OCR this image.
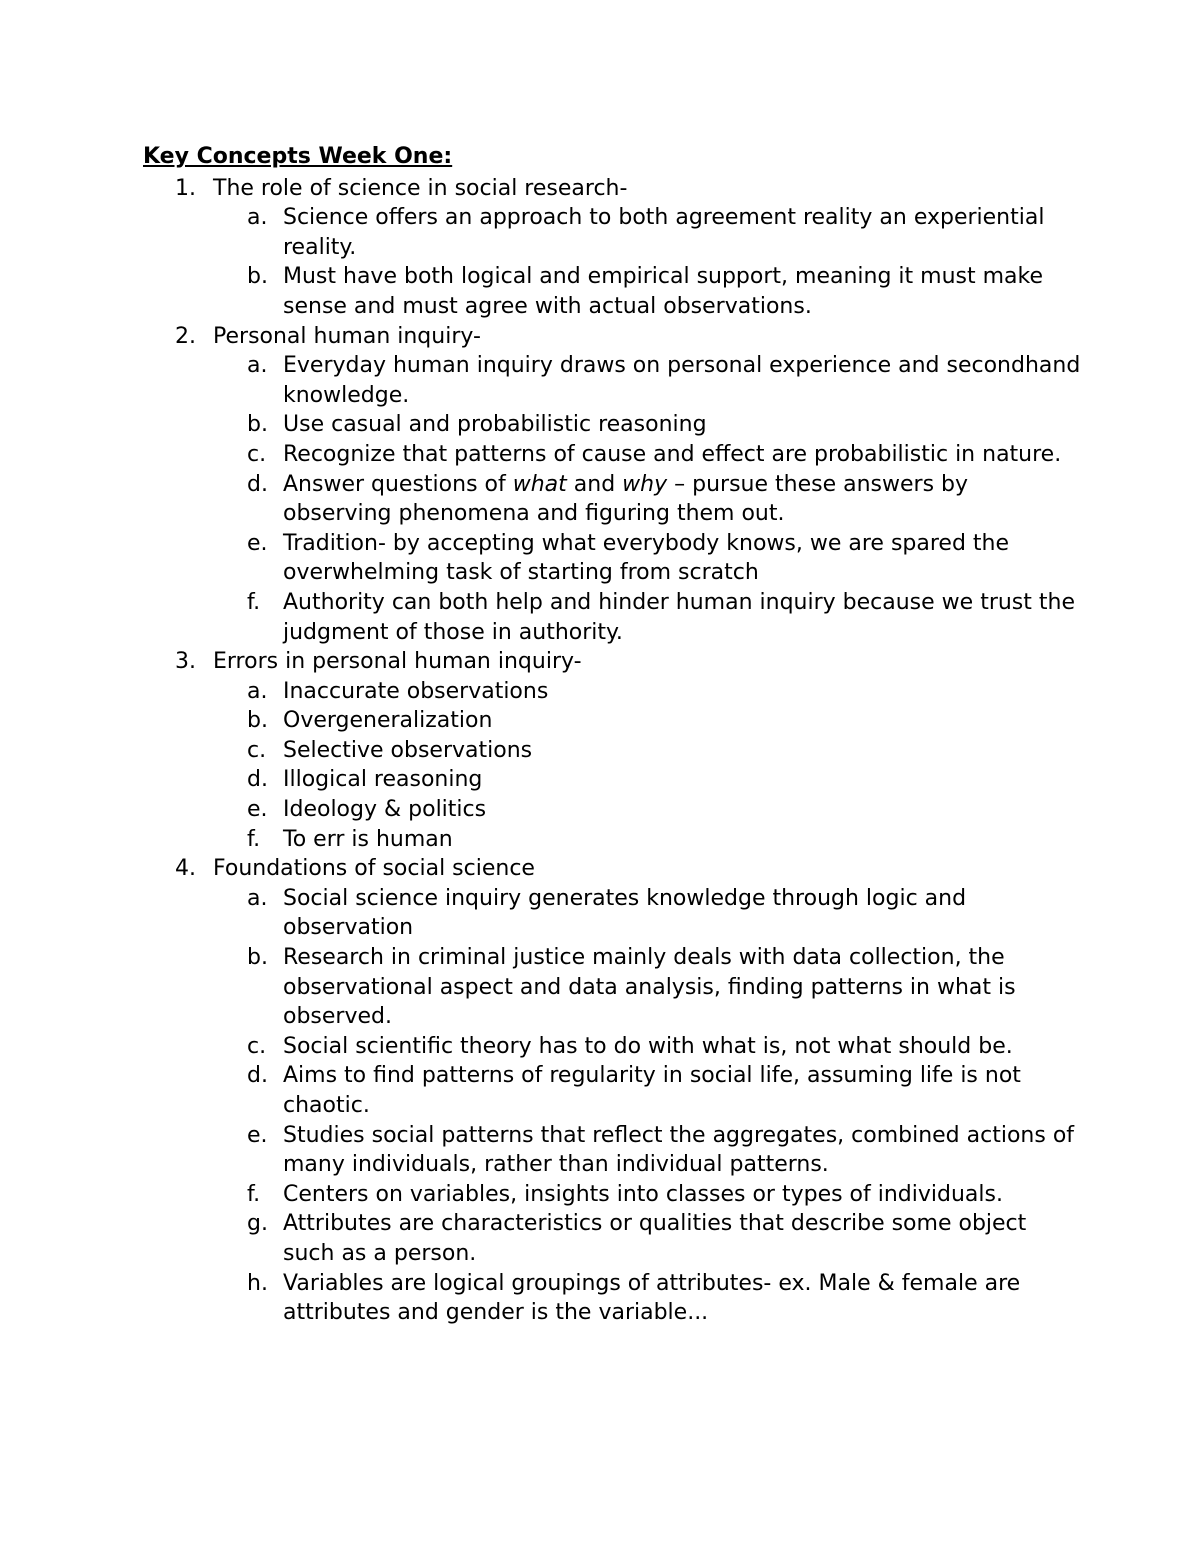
Key Concepts Week One:
1. The role of science in social research-
a. Science offers an approach to both agreement reality an experiential reality.
b. Must have both logical and empirical support, meaning it must make sense and must agree with actual observations.
2. Personal human inquiry-
a. Everyday human inquiry draws on personal experience and secondhand knowledge.
b. Use casual and probabilistic reasoning
c. Recognize that patterns of cause and effect are probabilistic in nature.
d. Answer questions of what and why – pursue these answers by observing phenomena and figuring them out.
e. Tradition- by accepting what everybody knows, we are spared the overwhelming task of starting from scratch
f.	Authority can both help and hinder human inquiry because we trust the judgment of those in authority.
3. Errors in personal human inquiry-
a. Inaccurate observations
b. Overgeneralization
c. Selective observations
d. Illogical reasoning
e. Ideology & politics
f.	To err is human
4. Foundations of social science
a. Social science inquiry generates knowledge through logic and observation
b. Research in criminal justice mainly deals with data collection, the observational aspect and data analysis, finding patterns in what is observed.
c. Social scientific theory has to do with what is, not what should be.
d. Aims to find patterns of regularity in social life, assuming life is not chaotic.
e. Studies social patterns that reflect the aggregates, combined actions of many individuals, rather than individual patterns.
f.	Centers on variables, insights into classes or types of individuals.
g. Attributes are characteristics or qualities that describe some object such as a person.
h. Variables are logical groupings of attributes- ex. Male & female are attributes and gender is the variable...
